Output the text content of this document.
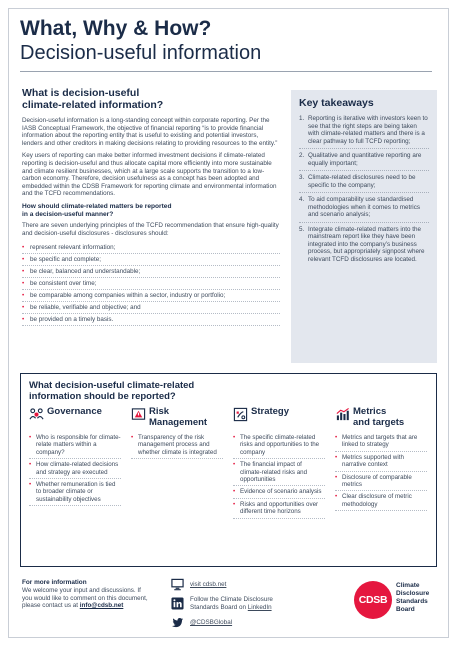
What, Why & How?
Decision-useful information
What is decision-useful
climate-related information?

Decision-useful information is a long-standing concept within corporate reporting. Per the IASB Conceptual Framework, the objective of financial reporting “is to provide financial information about the reporting entity that is useful to existing and potential investors, lenders and other creditors in making decisions relating to providing resources to the entity.”

Key users of reporting can make better informed investment decisions if climate-related reporting is decision-useful and thus allocate capital more efficiently into more sustainable and climate resilient businesses, which at a large scale supports the transition to a low-carbon economy. Therefore, decision usefulness as a concept has been adopted and embedded within the CDSB Framework for reporting climate and environmental information and the TCFD recommendations.

How should climate-related matters be reported
in a decision-useful manner?

There are seven underlying principles of the TCFD recommendation that ensure high-quality and decision-useful disclosures - disclosures should:

• represent relevant information;
• be specific and complete;
• be clear, balanced and understandable;
• be consistent over time;
• be comparable among companies within a sector, industry or portfolio;
• be reliable, verifiable and objective; and
• be provided on a timely basis.
Key takeaways
1. Reporting is iterative with investors keen to see that the right steps are being taken with climate-related matters and there is a clear pathway to full TCFD reporting;
2. Qualitative and quantitative reporting are equally important;
3. Climate-related disclosures need to be specific to the company;
4. To aid comparability use standardised methodologies when it comes to metrics and scenario analysis;
5. Integrate climate-related matters into the mainstream report like they have been integrated into the company’s business process, but appropriately signpost where relevant TCFD disclosures are located.
What decision-useful climate-related
information should be reported?
Governance
• Who is responsible for climate-relate matters within a company?
• How climate-related decisions and strategy are executed
• Whether remuneration is tied to broader climate or sustainability objectives
Risk
Management
• Transparency of the risk management process and whether climate is integrated
Strategy
• The specific climate-related risks and opportunities to the company
• The financial impact of climate-related risks and opportunities
• Evidence of scenario analysis
• Risks and opportunities over different time horizons
Metrics
and targets
• Metrics and targets that are linked to strategy
• Metrics supported with narrative context
• Disclosure of comparable metrics
• Clear disclosure of metric methodology
For more information
We welcome your input and discussions. If you would like to comment on this document, please contact us at info@cdsb.net
visit cdsb.net
Follow the Climate Disclosure
Standards Board on LinkedIn
@CDSBGlobal
CDSB
Climate
Disclosure
Standards
Board
